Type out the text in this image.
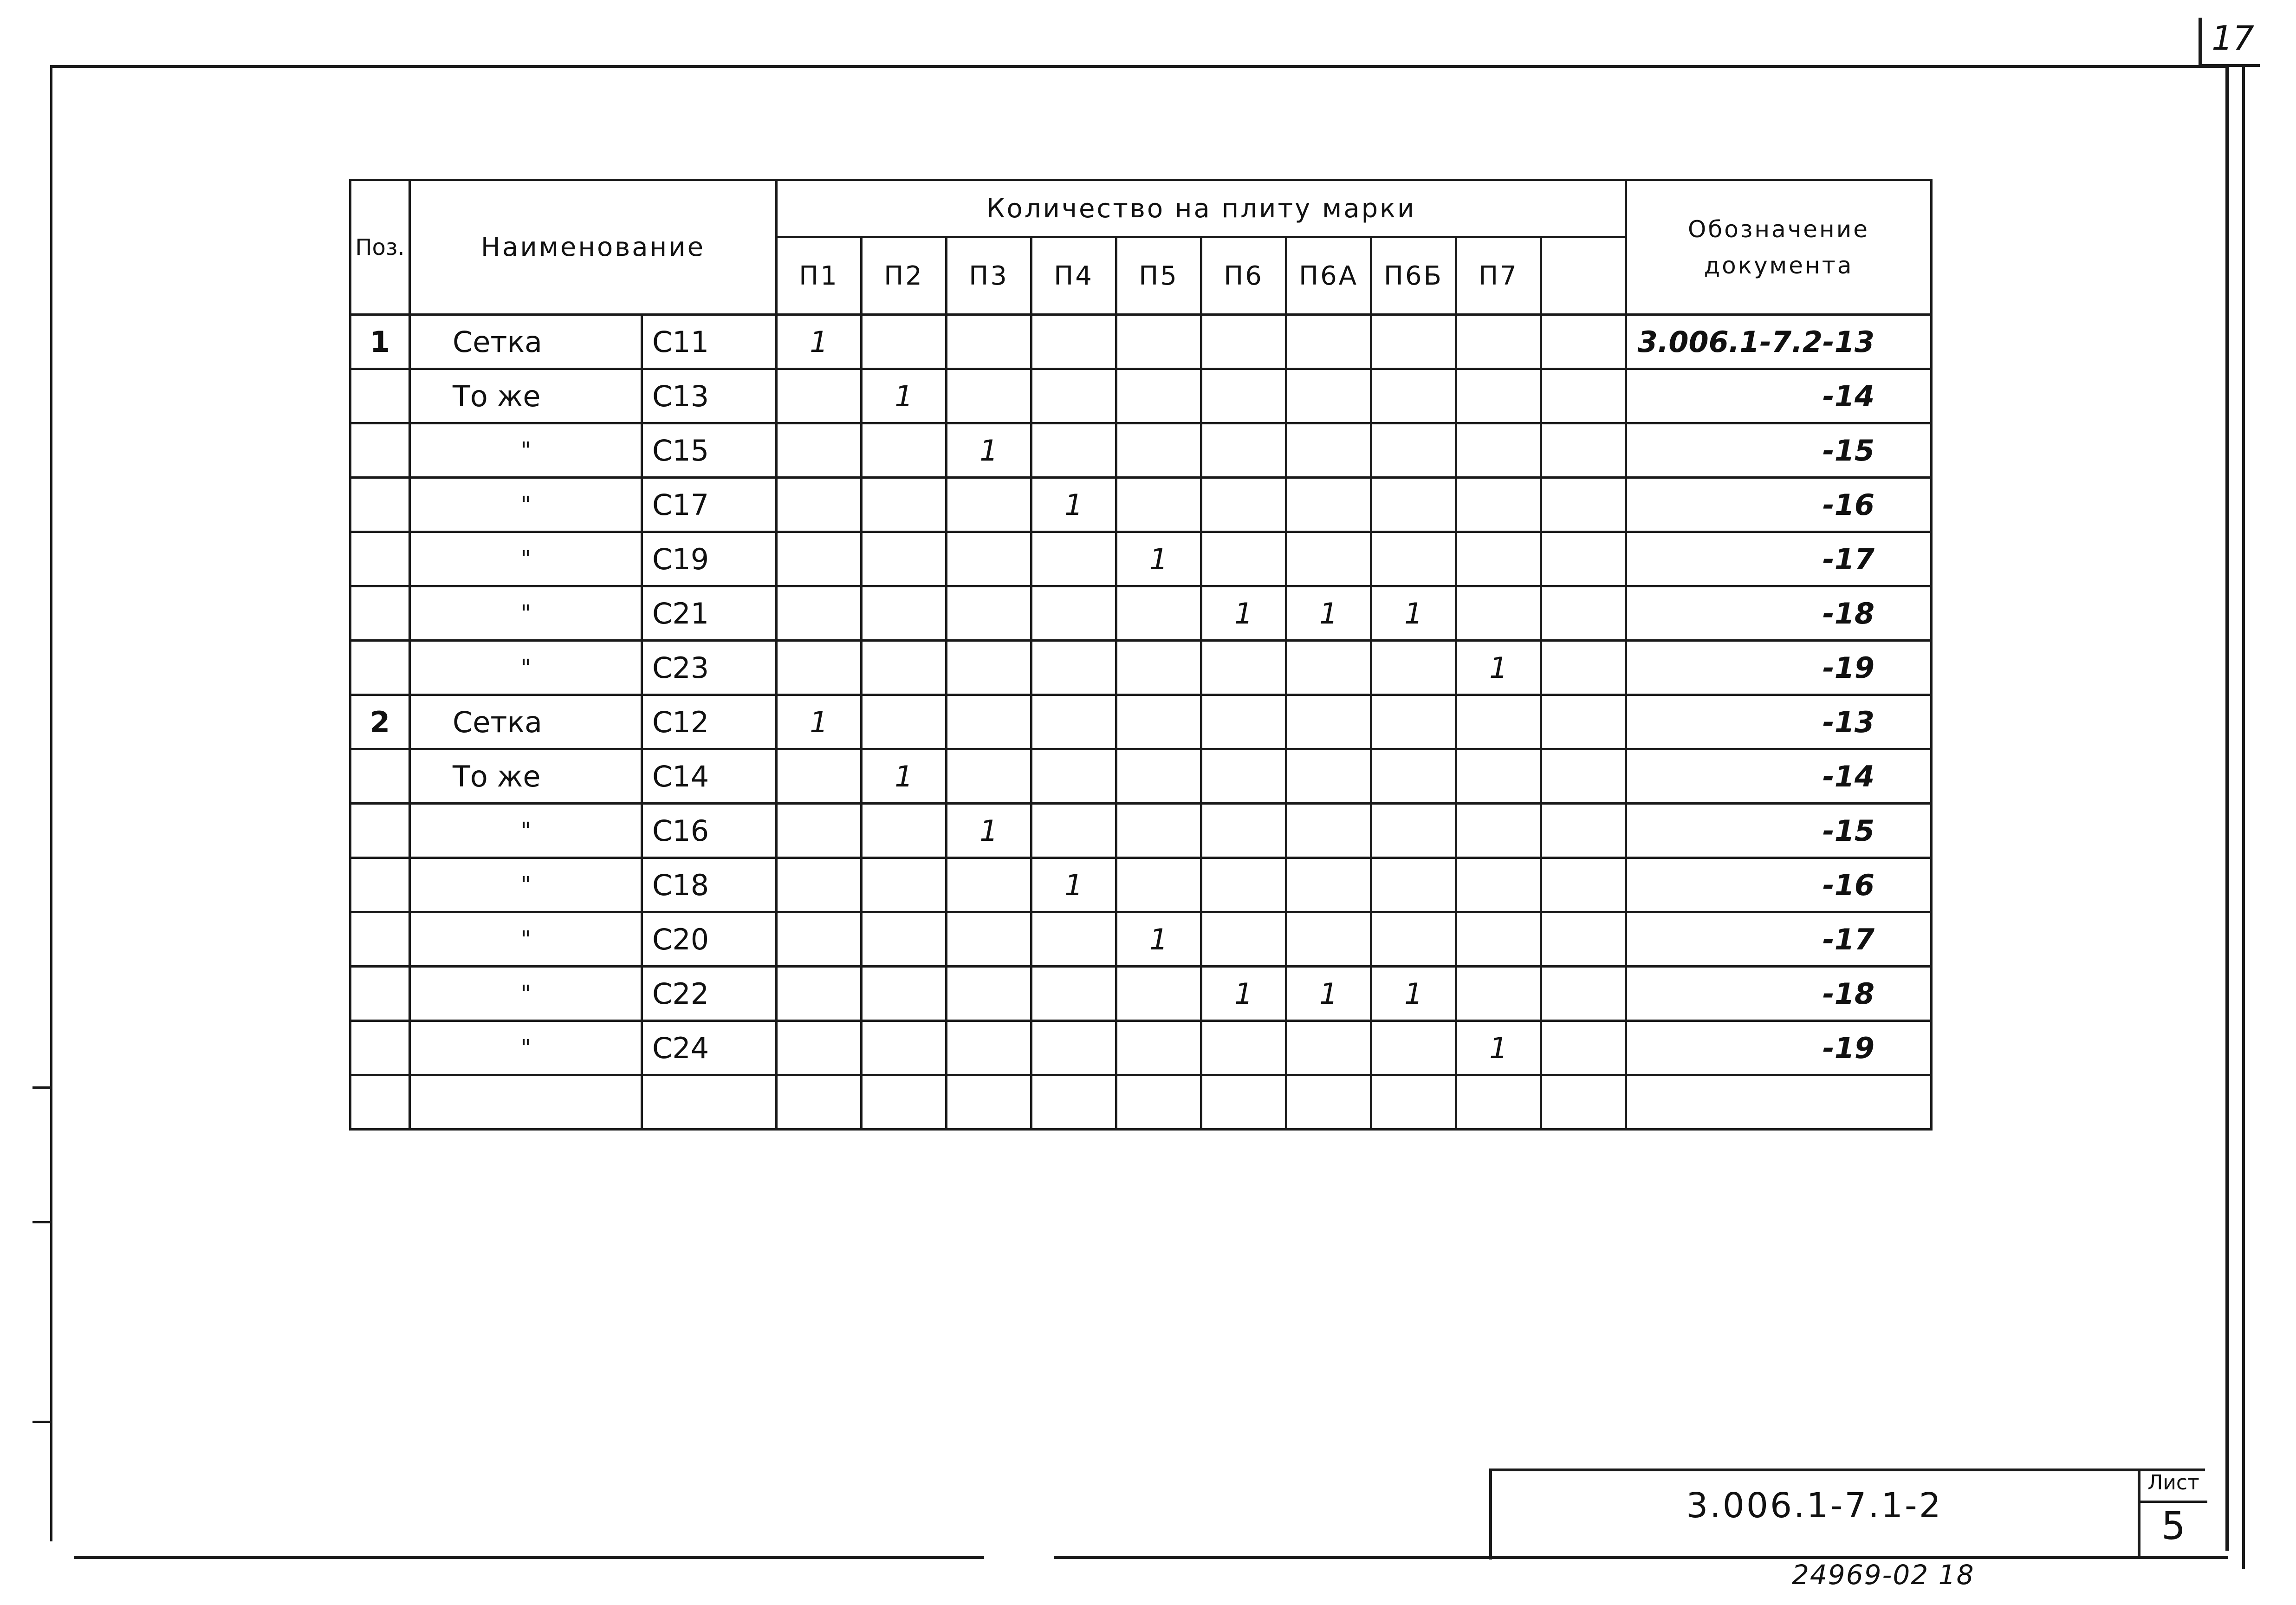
17
Поз.	Наименование		Количество на плиту марки										Обозначение документа
			П1	П2	П3	П4	П5	П6	П6А	П6Б	П7		
1	Сетка	С11	1										3.006.1-7.2-13
	То же	С13		1									-14
	"	С15			1								-15
	"	С17				1							-16
	"	С19					1						-17
	"	С21						1	1	1			-18
	"	С23									1		-19
2	Сетка	С12	1										-13
	То же	С14		1									-14
	"	С16			1								-15
	"	С18				1							-16
	"	С20					1						-17
	"	С22						1	1	1			-18
	"	С24									1		-19

3.006.1-7.1-2
Лист
5
24969-02 18
